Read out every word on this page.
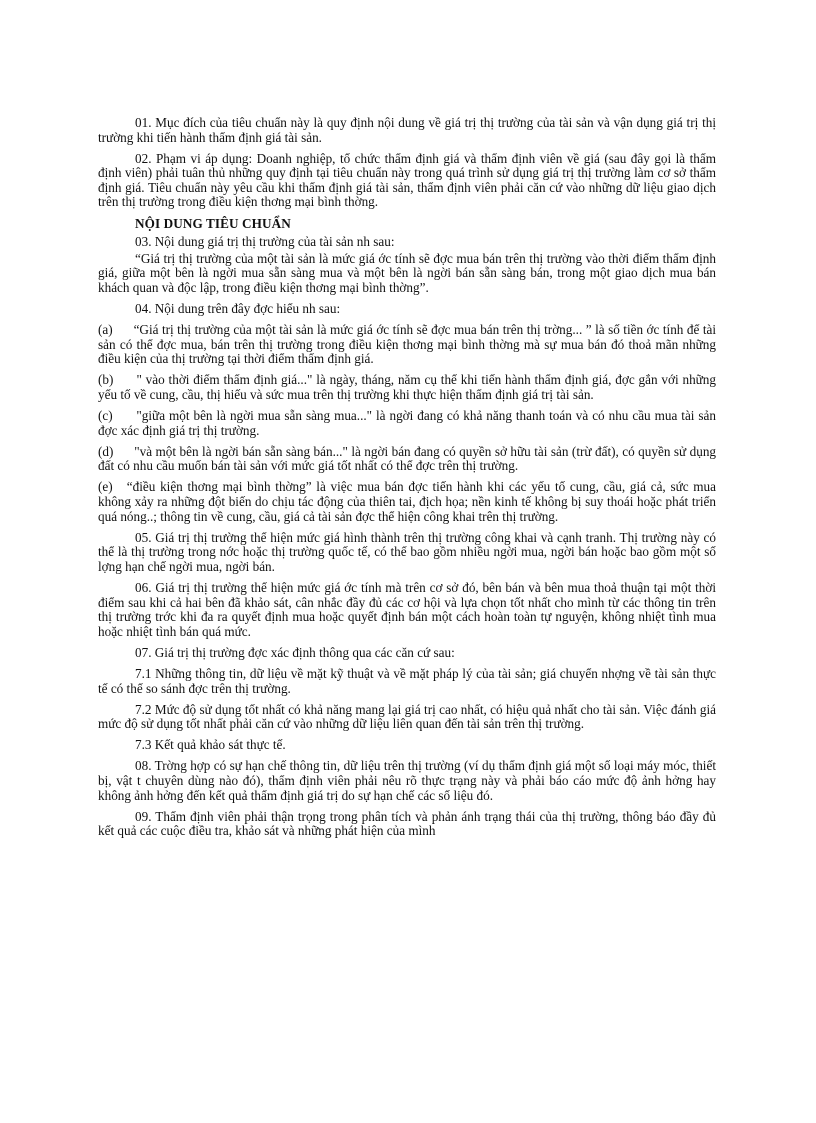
01. Mục đích của tiêu chuẩn này là quy định nội dung về giá trị thị trường của tài sản và vận dụng giá trị thị trường khi tiến hành thẩm định giá tài sản.

02. Phạm vi áp dụng: Doanh nghiệp, tổ chức thẩm định giá và thẩm định viên về giá (sau đây gọi là thẩm định viên) phải tuân thủ những quy định tại tiêu chuẩn này trong quá trình sử dụng giá trị thị trường làm cơ sở thẩm định giá. Tiêu chuẩn này yêu cầu khi thẩm định giá tài sản, thẩm định viên phải căn cứ vào những dữ liệu giao dịch trên thị trường trong điều kiện thơng mại bình thờng.

NỘI DUNG TIÊU CHUẨN

03. Nội dung giá trị thị trường của tài sản nh sau:

“Giá trị thị trường của một tài sản là mức giá ớc tính sẽ đợc mua bán trên thị trường vào thời điểm thẩm định giá, giữa một bên là ngời mua sẵn sàng mua và một bên là ngời bán sẵn sàng bán, trong một giao dịch mua bán khách quan và độc lập, trong điều kiện thơng mại bình thờng”.

04. Nội dung trên đây đợc hiểu nh sau:

(a) “Giá trị thị trường của một tài sản là mức giá ớc tính sẽ đợc mua bán trên thị trờng... ” là số tiền ớc tính để tài sản có thể đợc mua, bán trên thị trường trong điều kiện thơng mại bình thờng mà sự mua bán đó thoả mãn những điều kiện của thị trường tại thời điểm thẩm định giá.

(b) " vào thời điểm thẩm định giá..." là ngày, tháng, năm cụ thể khi tiến hành thẩm định giá, đợc gắn với những yếu tố về cung, cầu, thị hiếu và sức mua trên thị trường khi thực hiện thẩm định giá trị tài sản.

(c) "giữa một bên là ngời mua sẵn sàng mua..." là ngời đang có khả năng thanh toán và có nhu cầu mua tài sản đợc xác định giá trị thị trường.

(d) "và một bên là ngời bán sẵn sàng bán..." là ngời bán đang có quyền sở hữu tài sản (trừ đất), có quyền sử dụng đất có nhu cầu muốn bán tài sản với mức giá tốt nhất có thể đợc trên thị trường.

(e) “điều kiện thơng mại bình thờng” là việc mua bán đợc tiến hành khi các yếu tố cung, cầu, giá cả, sức mua không xảy ra những đột biến do chịu tác động của thiên tai, địch họa; nền kinh tế không bị suy thoái hoặc phát triển quá nóng..; thông tin về cung, cầu, giá cả tài sản đợc thể hiện công khai trên thị trường.

05. Giá trị thị trường thể hiện mức giá hình thành trên thị trường công khai và cạnh tranh. Thị trường này có thể là thị trường trong nớc hoặc thị trường quốc tế, có thể bao gồm nhiều ngời mua, ngời bán hoặc bao gồm một số lợng hạn chế ngời mua, ngời bán.

06. Giá trị thị trường thể hiện mức giá ớc tính mà trên cơ sở đó, bên bán và bên mua thoả thuận tại một thời điểm sau khi cả hai bên đã khảo sát, cân nhắc đầy đủ các cơ hội và lựa chọn tốt nhất cho mình từ các thông tin trên thị trường trớc khi đa ra quyết định mua hoặc quyết định bán một cách hoàn toàn tự nguyện, không nhiệt tình mua hoặc nhiệt tình bán quá mức.

07. Giá trị thị trường đợc xác định thông qua các căn cứ sau:

7.1 Những thông tin, dữ liệu về mặt kỹ thuật và về mặt pháp lý của tài sản; giá chuyển nhợng về tài sản thực tế có thể so sánh đợc trên thị trường.

7.2 Mức độ sử dụng tốt nhất có khả năng mang lại giá trị cao nhất, có hiệu quả nhất cho tài sản. Việc đánh giá mức độ sử dụng tốt nhất phải căn cứ vào những dữ liệu liên quan đến tài sản trên thị trường.

7.3 Kết quả khảo sát thực tế.

08. Trờng hợp có sự hạn chế thông tin, dữ liệu trên thị trường (ví dụ thẩm định giá một số loại máy móc, thiết bị, vật t chuyên dùng nào đó), thẩm định viên phải nêu rõ thực trạng này và phải báo cáo mức độ ảnh hởng hay không ảnh hởng đến kết quả thẩm định giá trị do sự hạn chế các số liệu đó.

09. Thẩm định viên phải thận trọng trong phân tích và phản ánh trạng thái của thị trường, thông báo đầy đủ kết quả các cuộc điều tra, khảo sát và những phát hiện của mình
